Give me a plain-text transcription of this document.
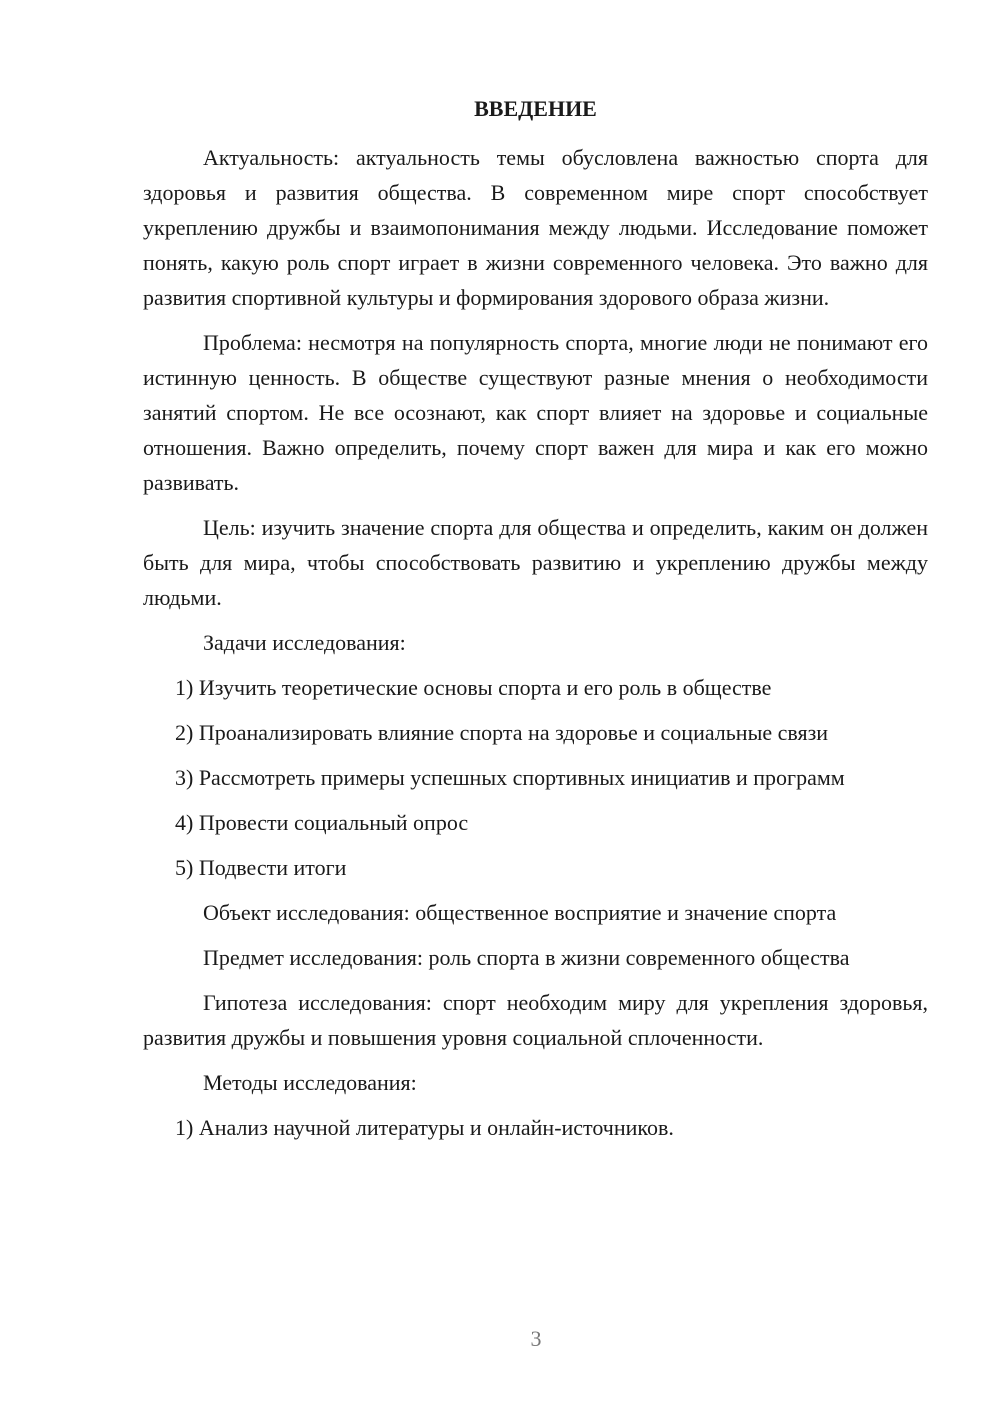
ВВЕДЕНИЕ

Актуальность: актуальность темы обусловлена важностью спорта для здоровья и развития общества. В современном мире спорт способствует укреплению дружбы и взаимопонимания между людьми. Исследование поможет понять, какую роль спорт играет в жизни современного человека. Это важно для развития спортивной культуры и формирования здорового образа жизни.

Проблема: несмотря на популярность спорта, многие люди не понимают его истинную ценность. В обществе существуют разные мнения о необходимости занятий спортом. Не все осознают, как спорт влияет на здоровье и социальные отношения. Важно определить, почему спорт важен для мира и как его можно развивать.

Цель: изучить значение спорта для общества и определить, каким он должен быть для мира, чтобы способствовать развитию и укреплению дружбы между людьми.

Задачи исследования:

1) Изучить теоретические основы спорта и его роль в обществе

2) Проанализировать влияние спорта на здоровье и социальные связи

3) Рассмотреть примеры успешных спортивных инициатив и программ

4) Провести социальный опрос

5) Подвести итоги

Объект исследования: общественное восприятие и значение спорта

Предмет исследования: роль спорта в жизни современного общества

Гипотеза исследования: спорт необходим миру для укрепления здоровья, развития дружбы и повышения уровня социальной сплоченности.

Методы исследования:

1) Анализ научной литературы и онлайн-источников.

3
